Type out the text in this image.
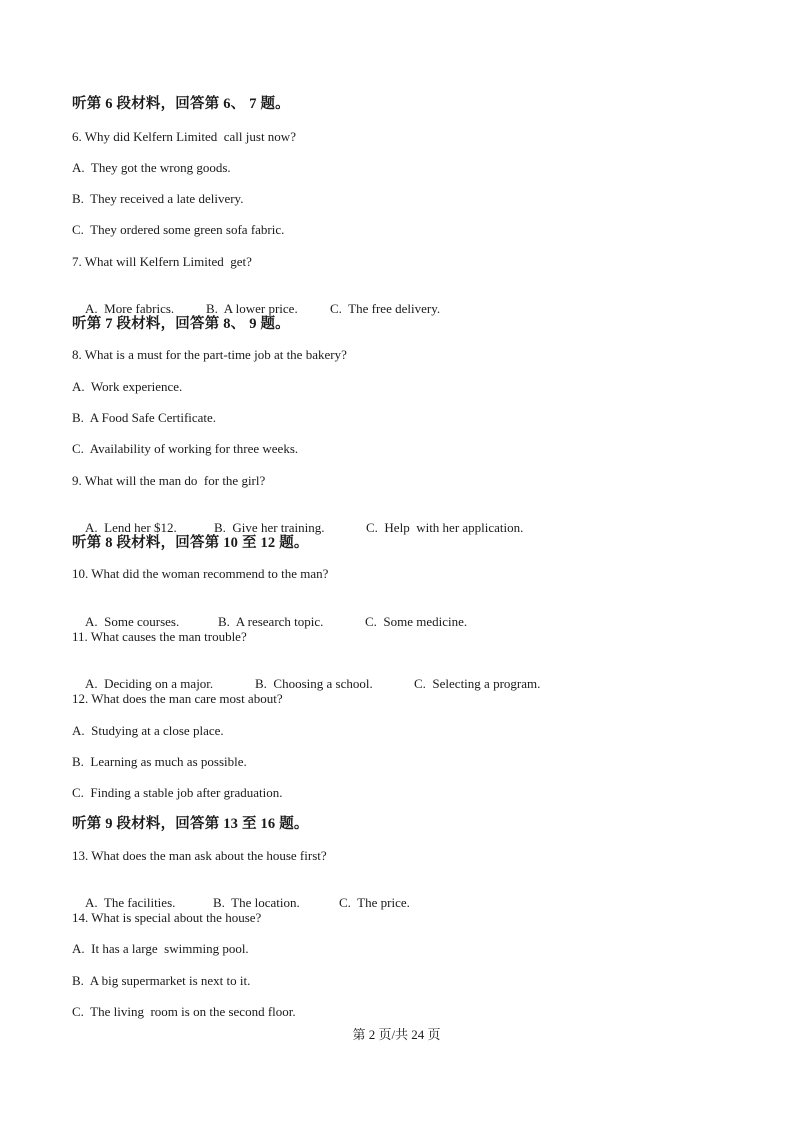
听第 6 段材料，回答第 6、 7 题。
6. Why did Kelfern Limited  call just now?
A.  They got the wrong goods.
B.  They received a late delivery.
C.  They ordered some green sofa fabric.
7. What will Kelfern Limited  get?

A.  More fabrics. B.  A lower price. C.  The free delivery.

听第 7 段材料，回答第 8、 9 题。
8. What is a must for the part-time job at the bakery?
A.  Work experience.
B.  A Food Safe Certificate.
C.  Availability of working for three weeks.
9. What will the man do  for the girl?

A.  Lend her $12.	B.  Give her training.	C.  Help  with her application.

听第 8 段材料，回答第 10 至 12 题。
10. What did the woman recommend to the man?

A.  Some courses.	B.  A research topic.	C.  Some medicine.

11. What causes the man trouble?

A.  Deciding on a major.	B.  Choosing a school.	C.  Selecting a program.

12. What does the man care most about?
A.  Studying at a close place.
B.  Learning as much as possible.
C.  Finding a stable job after graduation.
听第 9 段材料，回答第 13 至 16 题。
13. What does the man ask about the house first?

A.  The facilities.	B.  The location.	C.  The price.

14. What is special about the house?
A.  It has a large  swimming pool.
B.  A big supermarket is next to it.
C.  The living  room is on the second floor.
第 2 页/共 24 页
